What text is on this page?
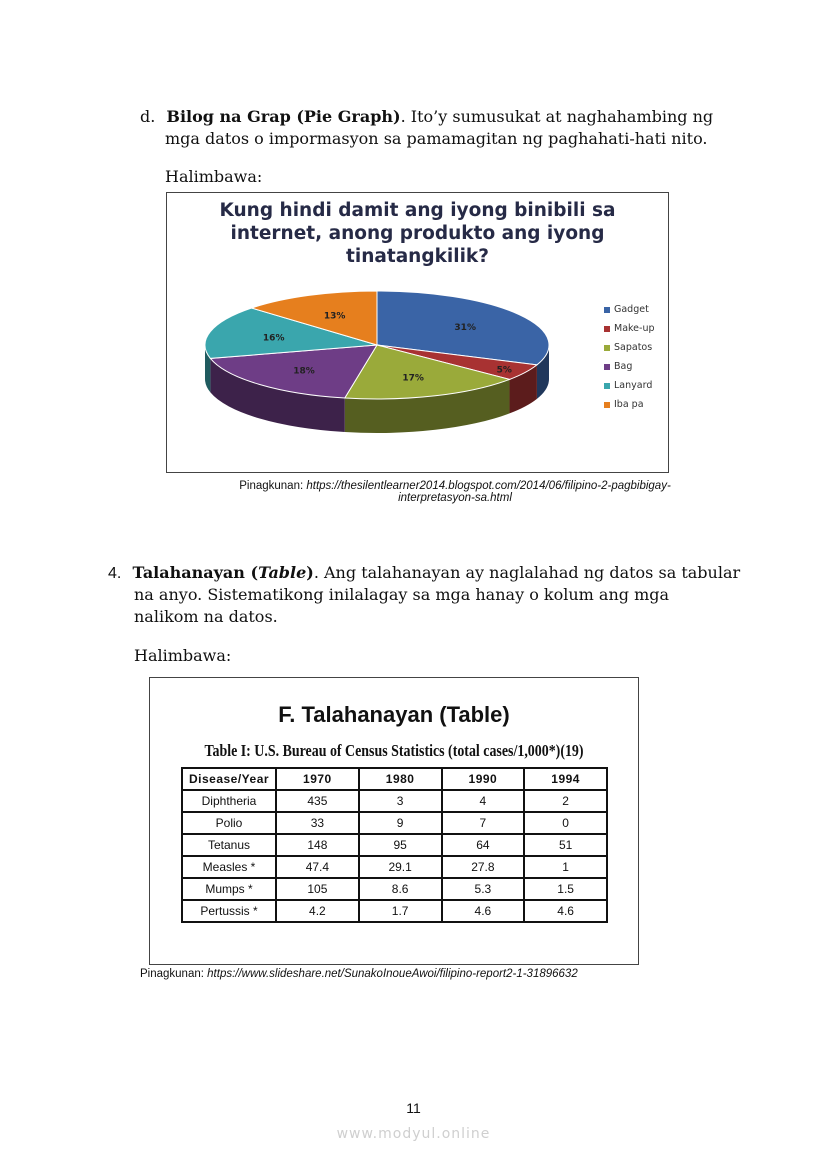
d. Bilog na Grap (Pie Graph). Ito’y sumusukat at naghahambing ng
mga datos o impormasyon sa pamamagitan ng paghahati-hati nito.
Halimbawa:
Kung hindi damit ang iyong binibili sa
internet, anong produkto ang iyong
tinatangkilik?
31%
5%
17%
18%
16%
13%
Gadget
Make-up
Sapatos
Bag
Lanyard
Iba pa
Pinagkunan: https://thesilentlearner2014.blogspot.com/2014/06/filipino-2-pagbibigay-
interpretasyon-sa.html
4. Talahanayan (Table). Ang talahanayan ay naglalahad ng datos sa tabular
na anyo. Sistematikong inilalagay sa mga hanay o kolum ang mga
nalikom na datos.
Halimbawa:
F. Talahanayan (Table)
Table I: U.S. Bureau of Census Statistics (total cases/1,000*)(19)
Disease/Year	1970	1980	1990	1994
Diphtheria	435	3	4	2
Polio	33	9	7	0
Tetanus	148	95	64	51
Measles *	47.4	29.1	27.8	1
Mumps *	105	8.6	5.3	1.5
Pertussis *	4.2	1.7	4.6	4.6
Pinagkunan: https://www.slideshare.net/SunakoInoueAwoi/filipino-report2-1-31896632
11
www.modyul.online
